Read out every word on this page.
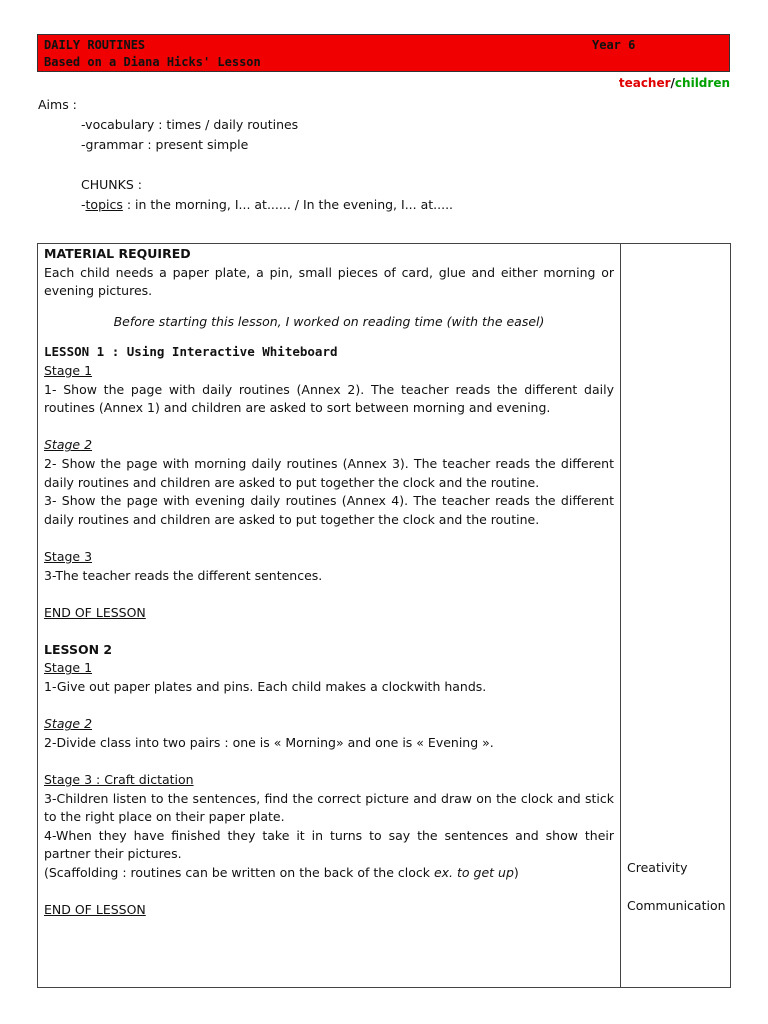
DAILY ROUTINES
Based on a Diana Hicks' Lesson
Year 6
teacher/children
Aims :
-vocabulary : times / daily routines
-grammar : present simple
CHUNKS :
-topics : in the morning, I... at...... / In the evening, I... at.....

MATERIAL REQUIRED

Each child needs a paper plate, a pin, small pieces of card, glue and either morning or evening pictures.

Before starting this lesson, I worked on reading time (with the easel)

LESSON 1 : Using Interactive Whiteboard

Stage 1

1- Show the page with daily routines (Annex 2). The teacher reads the different daily routines (Annex 1) and children are asked to sort between morning and evening.

Stage 2

2- Show the page with morning daily routines (Annex 3). The teacher reads the different daily routines and children are asked to put together the clock and the routine.

3- Show the page with evening daily routines (Annex 4). The teacher reads the different daily routines and children are asked to put together the clock and the routine.

Stage 3

3-The teacher reads the different sentences.

END OF LESSON

LESSON 2

Stage 1

1-Give out paper plates and pins. Each child makes a clockwith hands.

Stage 2

2-Divide class into two pairs : one is « Morning» and one is « Evening ».

Stage 3 : Craft dictation

3-Children listen to the sentences, find the correct picture and draw on the clock and stick to the right place on their paper plate.

4-When they have finished they take it in turns to say the sentences and show their partner their pictures.

(Scaffolding : routines can be written on the back of the clock ex. to get up)

END OF LESSON

Creativity
Communication
